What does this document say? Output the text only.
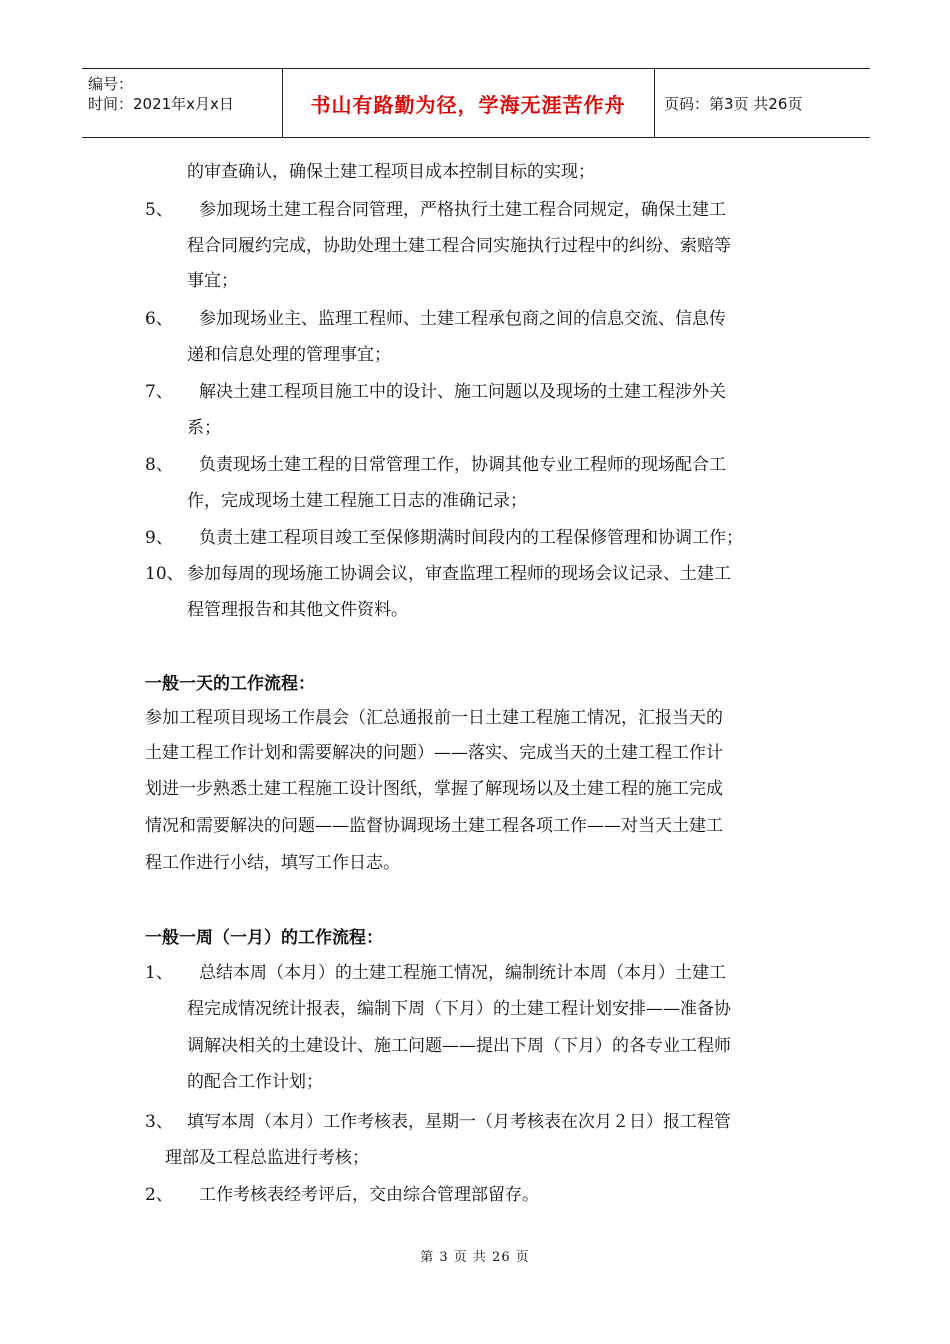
编号：
时间：2021年x月x日	书山有路勤为径，学海无涯苦作舟	页码：第3页 共26页
的审查确认，确保土建工程项目成本控制目标的实现；
5、 参加现场土建工程合同管理，严格执行土建工程合同规定，确保土建工
程合同履约完成，协助处理土建工程合同实施执行过程中的纠纷、索赔等
事宜；
6、 参加现场业主、监理工程师、土建工程承包商之间的信息交流、信息传
递和信息处理的管理事宜；
7、 解决土建工程项目施工中的设计、施工问题以及现场的土建工程涉外关
系；
8、 负责现场土建工程的日常管理工作，协调其他专业工程师的现场配合工
作，完成现场土建工程施工日志的准确记录；
9、 负责土建工程项目竣工至保修期满时间段内的工程保修管理和协调工作；
10、 参加每周的现场施工协调会议，审查监理工程师的现场会议记录、土建工
程管理报告和其他文件资料。
一般一天的工作流程：
参加工程项目现场工作晨会（汇总通报前一日土建工程施工情况，汇报当天的
土建工程工作计划和需要解决的问题）——落实、完成当天的土建工程工作计
划进一步熟悉土建工程施工设计图纸，掌握了解现场以及土建工程的施工完成
情况和需要解决的问题——监督协调现场土建工程各项工作——对当天土建工
程工作进行小结，填写工作日志。
一般一周（一月）的工作流程：
1、 总结本周（本月）的土建工程施工情况，编制统计本周（本月）土建工
程完成情况统计报表，编制下周（下月）的土建工程计划安排——准备协
调解决相关的土建设计、施工问题——提出下周（下月）的各专业工程师
的配合工作计划；
3、 填写本周（本月）工作考核表，星期一（月考核表在次月２日）报工程管
理部及工程总监进行考核；
2、 工作考核表经考评后，交由综合管理部留存。
第 3 页 共 26 页
